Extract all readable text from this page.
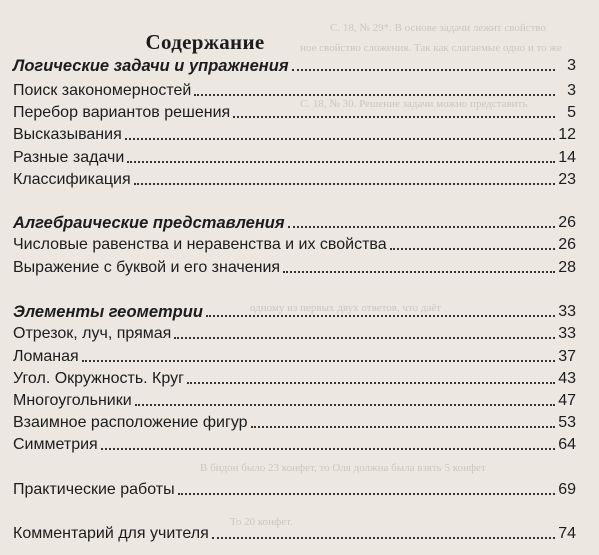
С. 18, № 29*. В основе задачи лежит свойство
ное свойство сложения. Так как слагаемые одно и то же
С. 18, № 30. Решение задачи можно представить
одному из первых двух ответов, что даёт
В бидон было 23 конфет, то Оля должна была взять 5 конфет
То 20 конфет.
Содержание
Логические задачи и упражнения	3
Поиск закономерностей	3
Перебор вариантов решения	5
Высказывания	12
Разные задачи	14
Классификация	23
Алгебраические представления	26
Числовые равенства и неравенства и их свойства	26
Выражение с буквой и его значения	28
Элементы геометрии	33
Отрезок, луч, прямая	33
Ломаная	37
Угол. Окружность. Круг	43
Многоугольники	47
Взаимное расположение фигур	53
Симметрия	64
Практические работы	69
Комментарий для учителя	74
